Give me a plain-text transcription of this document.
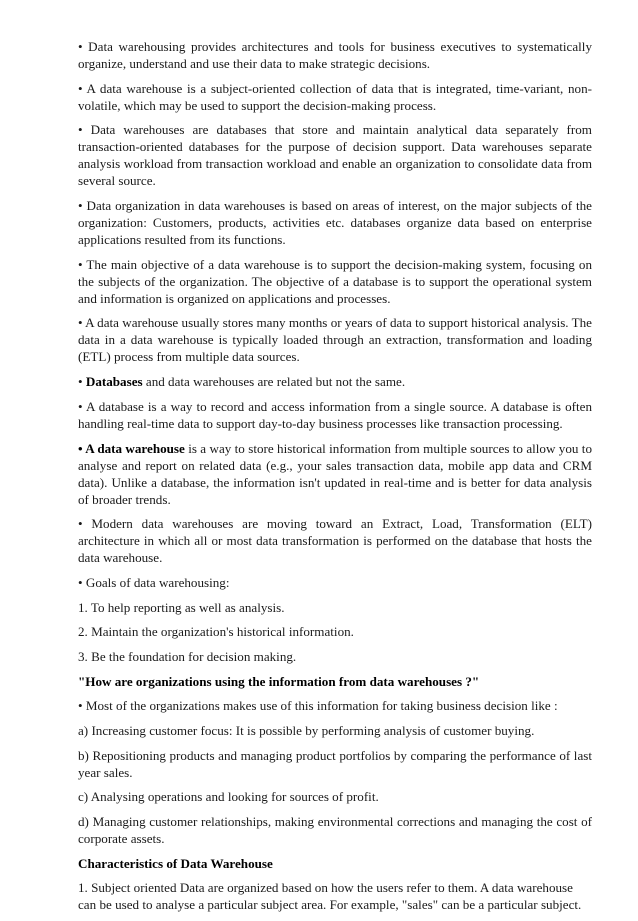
• Data warehousing provides architectures and tools for business executives to systematically organize, understand and use their data to make strategic decisions.

• A data warehouse is a subject-oriented collection of data that is integrated, time-variant, non-volatile, which may be used to support the decision-making process.

• Data warehouses are databases that store and maintain analytical data separately from transaction-oriented databases for the purpose of decision support. Data warehouses separate analysis workload from transaction workload and enable an organization to consolidate data from several source.

• Data organization in data warehouses is based on areas of interest, on the major subjects of the organization: Customers, products, activities etc. databases organize data based on enterprise applications resulted from its functions.

• The main objective of a data warehouse is to support the decision-making system, focusing on the subjects of the organization. The objective of a database is to support the operational system and information is organized on applications and processes.

• A data warehouse usually stores many months or years of data to support historical analysis. The data in a data warehouse is typically loaded through an extraction, transformation and loading (ETL) process from multiple data sources.

• Databases and data warehouses are related but not the same.

• A database is a way to record and access information from a single source. A database is often handling real-time data to support day-to-day business processes like transaction processing.

• A data warehouse is a way to store historical information from multiple sources to allow you to analyse and report on related data (e.g., your sales transaction data, mobile app data and CRM data). Unlike a database, the information isn't updated in real-time and is better for data analysis of broader trends.

• Modern data warehouses are moving toward an Extract, Load, Transformation (ELT) architecture in which all or most data transformation is performed on the database that hosts the data warehouse.

• Goals of data warehousing:

1. To help reporting as well as analysis.

2. Maintain the organization's historical information.

3. Be the foundation for decision making.

"How are organizations using the information from data warehouses ?"

• Most of the organizations makes use of this information for taking business decision like :

a) Increasing customer focus: It is possible by performing analysis of customer buying.

b) Repositioning products and managing product portfolios by comparing the performance of last year sales.

c) Analysing operations and looking for sources of profit.

d) Managing customer relationships, making environmental corrections and managing the cost of corporate assets.

Characteristics of Data Warehouse

1. Subject oriented Data are organized based on how the users refer to them. A data warehouse can be used to analyse a particular subject area. For example, "sales" can be a particular subject.
